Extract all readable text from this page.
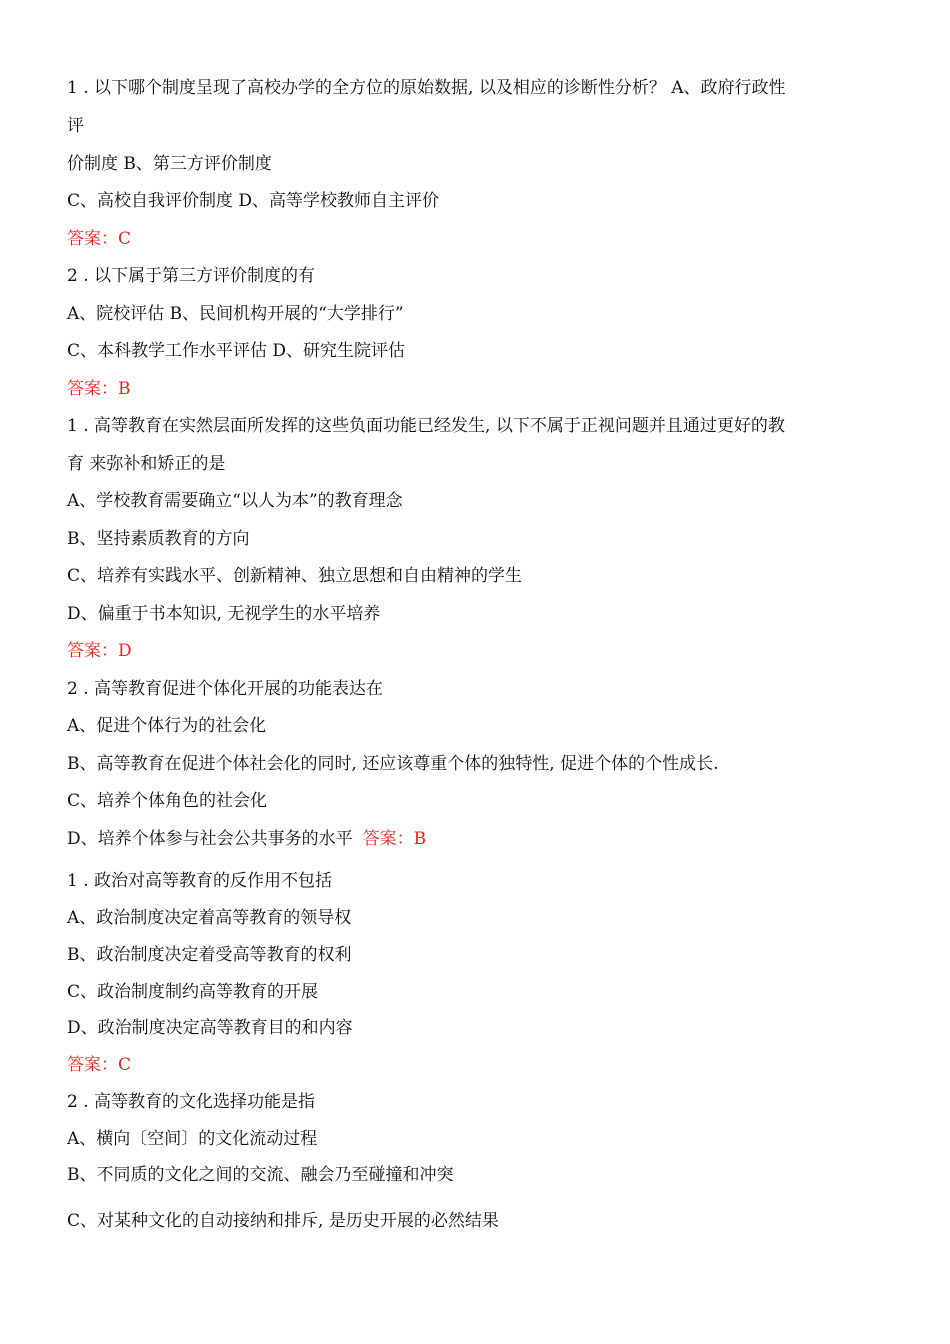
1 . 以下哪个制度呈现了高校办学的全方位的原始数据, 以及相应的诊断性分析？ A、政府行政性
评
价制度 B、第三方评价制度
C、高校自我评价制度 D、高等学校教师自主评价
答案：C
2 . 以下属于第三方评价制度的有
A、院校评估 B、民间机构开展的“大学排行”
C、本科教学工作水平评估 D、研究生院评估
答案：B
1 . 高等教育在实然层面所发挥的这些负面功能已经发生, 以下不属于正视问题并且通过更好的教
育 来弥补和矫正的是
A、学校教育需要确立“以人为本”的教育理念
B、坚持素质教育的方向
C、培养有实践水平、创新精神、独立思想和自由精神的学生
D、偏重于书本知识, 无视学生的水平培养
答案：D
2 . 高等教育促进个体化开展的功能表达在
A、促进个体行为的社会化
B、高等教育在促进个体社会化的同时, 还应该尊重个体的独特性, 促进个体的个性成长.
C、培养个体角色的社会化
D、培养个体参与社会公共事务的水平 答案：B
1 . 政治对高等教育的反作用不包括
A、政治制度决定着高等教育的领导权
B、政治制度决定着受高等教育的权利
C、政治制度制约高等教育的开展
D、政治制度决定高等教育目的和内容
答案：C
2 . 高等教育的文化选择功能是指
A、横向〔空间〕的文化流动过程
B、不同质的文化之间的交流、融会乃至碰撞和冲突
C、对某种文化的自动接纳和排斥, 是历史开展的必然结果
